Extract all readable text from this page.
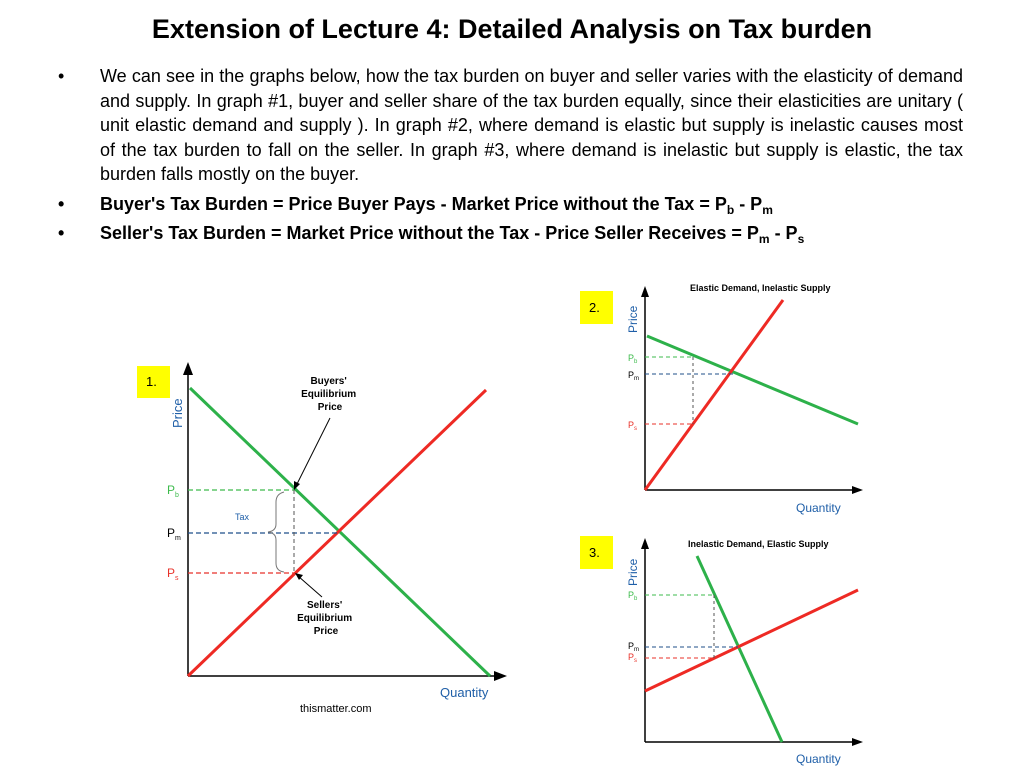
Extension of Lecture 4: Detailed Analysis on Tax burden
• We can see in the graphs below, how the tax burden on buyer and seller varies with the elasticity of demand and supply. In graph #1, buyer and seller share of the tax burden equally, since their elasticities are unitary ( unit elastic demand and supply ). In graph #2, where demand is elastic but supply is inelastic causes most of the tax burden to fall on the seller. In graph #3, where demand is inelastic but supply is elastic, the tax burden falls mostly on the buyer.
• Buyer's Tax Burden = Price Buyer Pays - Market Price without the Tax = $P_b - P_m$
• Seller's Tax Burden = Market Price without the Tax - Price Seller Receives = $P_m - P_s$
1.
Price
Quantity
Tax
$P_b$
$P_m$
$P_s$
Buyers' Equilibrium Price
Sellers' Equilibrium Price
thismatter.com
2.
Elastic Demand, Inelastic Supply
Price
Quantity
$P_b$
$P_m$
$P_s$
3.
Inelastic Demand, Elastic Supply
Price
Quantity
$P_b$
$P_m$
$P_s$
